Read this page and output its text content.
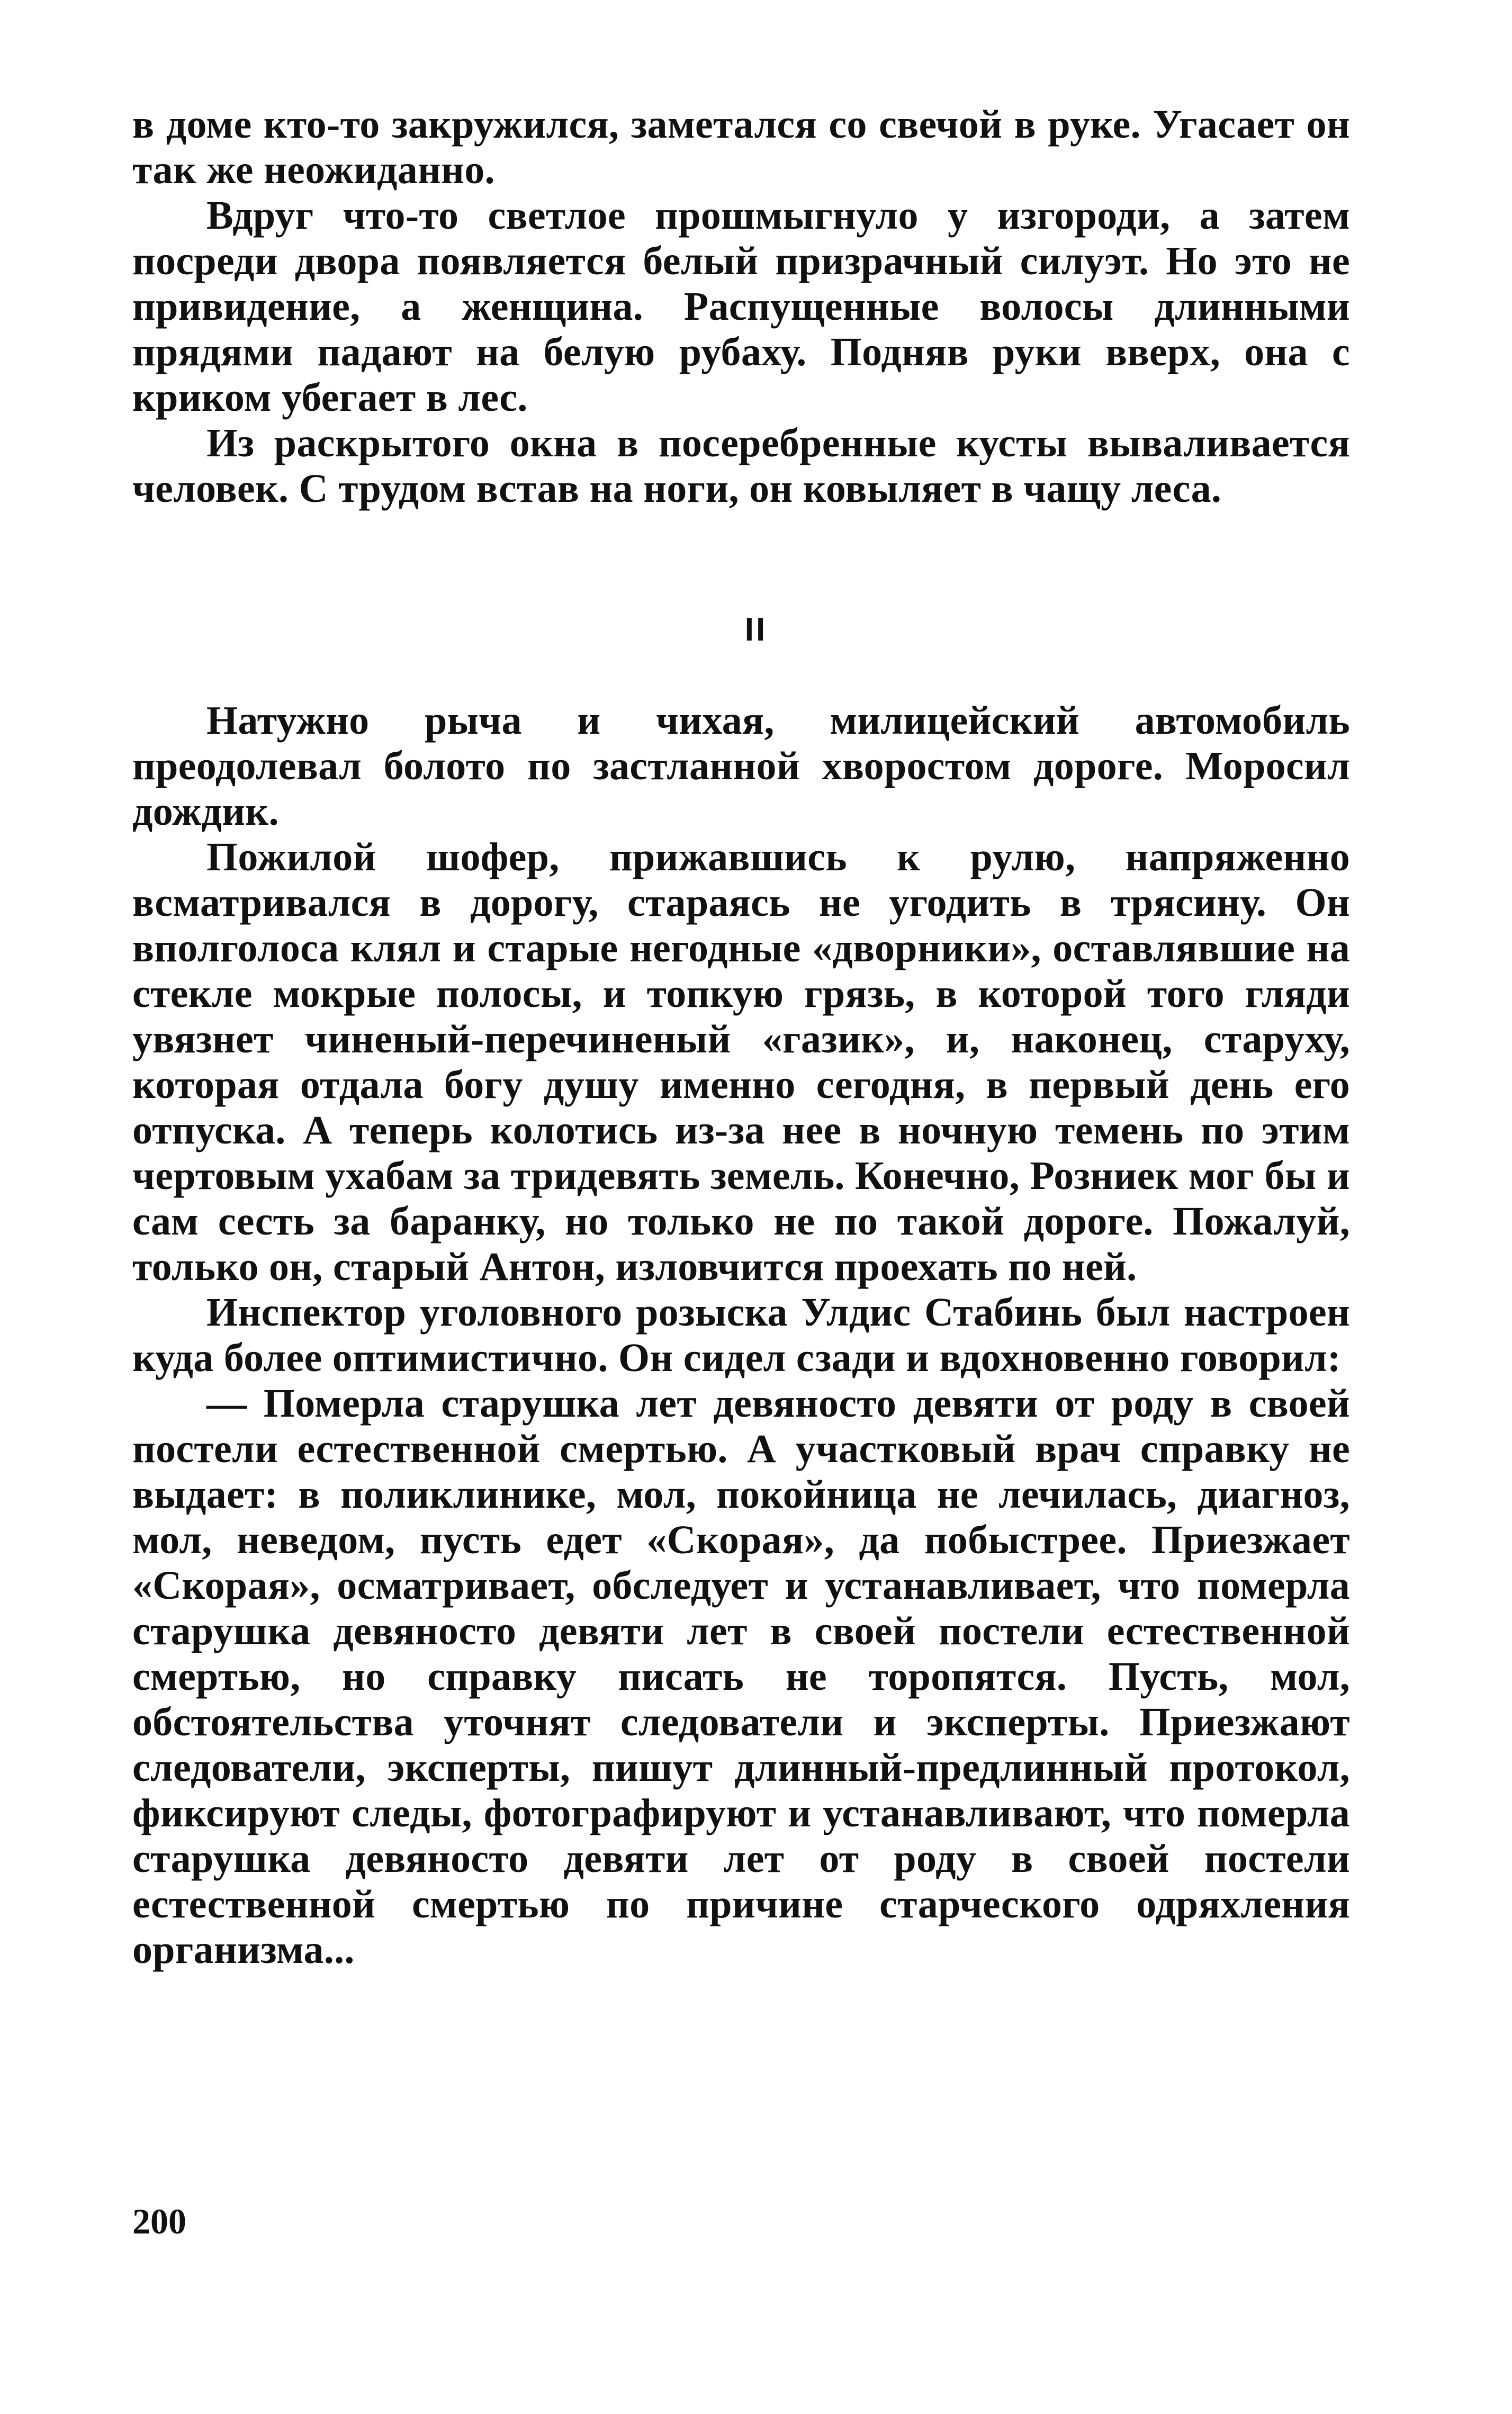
в доме кто-то закружился, заметался со свечой в руке. Угасает он так же неожиданно.

Вдруг что-то светлое прошмыгнуло у изгороди, а затем посреди двора появляется белый призрачный силуэт. Но это не привидение, а женщина. Распущенные волосы длинными прядями падают на белую рубаху. Подняв руки вверх, она с криком убегает в лес.

Из раскрытого окна в посеребренные кусты вываливается человек. С трудом встав на ноги, он ковыляет в чащу леса.

II

Натужно рыча и чихая, милицейский автомобиль преодолевал болото по застланной хворостом дороге. Моросил дождик.

Пожилой шофер, прижавшись к рулю, напряженно всматривался в дорогу, стараясь не угодить в трясину. Он вполголоса клял и старые негодные «дворники», оставлявшие на стекле мокрые полосы, и топкую грязь, в которой того гляди увязнет чиненый-перечиненый «газик», и, наконец, старуху, которая отдала богу душу именно сегодня, в первый день его отпуска. А теперь колотись из-за нее в ночную темень по этим чертовым ухабам за тридевять земель. Конечно, Розниек мог бы и сам сесть за баранку, но только не по такой дороге. Пожалуй, только он, старый Антон, изловчится проехать по ней.

Инспектор уголовного розыска Улдис Стабинь был настроен куда более оптимистично. Он сидел сзади и вдохновенно говорил:

— Померла старушка лет девяносто девяти от роду в своей постели естественной смертью. А участковый врач справку не выдает: в поликлинике, мол, покойница не лечилась, диагноз, мол, неведом, пусть едет «Скорая», да побыстрее. Приезжает «Скорая», осматривает, обследует и устанавливает, что померла старушка девяносто девяти лет в своей постели естественной смертью, но справку писать не торопятся. Пусть, мол, обстоятельства уточнят следователи и эксперты. Приезжают следователи, эксперты, пишут длинный-предлинный протокол, фиксируют следы, фотографируют и устанавливают, что померла старушка девяносто девяти лет от роду в своей постели естественной смертью по причине старческого одряхления организма...

200
